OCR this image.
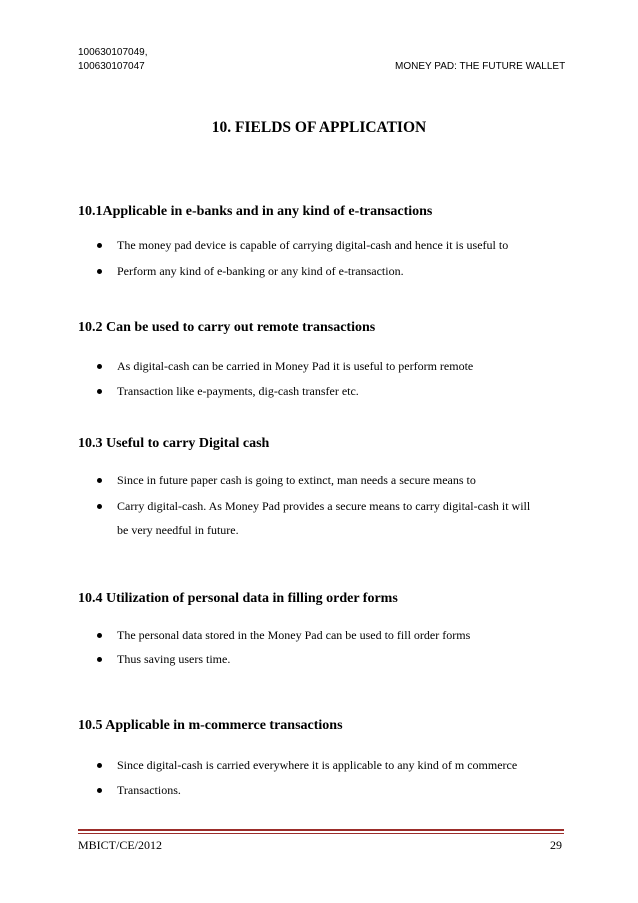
100630107049,
100630107047	MONEY PAD: THE FUTURE WALLET
10. FIELDS OF APPLICATION
10.1Applicable in e-banks and in any kind of e-transactions
The money pad device is capable of carrying digital-cash and hence it is useful to
Perform any kind of e-banking or any kind of e-transaction.
10.2 Can be used to carry out remote transactions
As digital-cash can be carried in Money Pad it is useful to perform remote
Transaction like e-payments, dig-cash transfer etc.
10.3 Useful to carry Digital cash
Since in future paper cash is going to extinct, man needs a secure means to
Carry digital-cash. As Money Pad provides a secure means to carry digital-cash it will
be very needful in future.
10.4 Utilization of personal data in filling order forms
The personal data stored in the Money Pad can be used to fill order forms
Thus saving users time.
10.5 Applicable in m-commerce transactions
Since digital-cash is carried everywhere it is applicable to any kind of m commerce
Transactions.
MBICT/CE/2012	29
